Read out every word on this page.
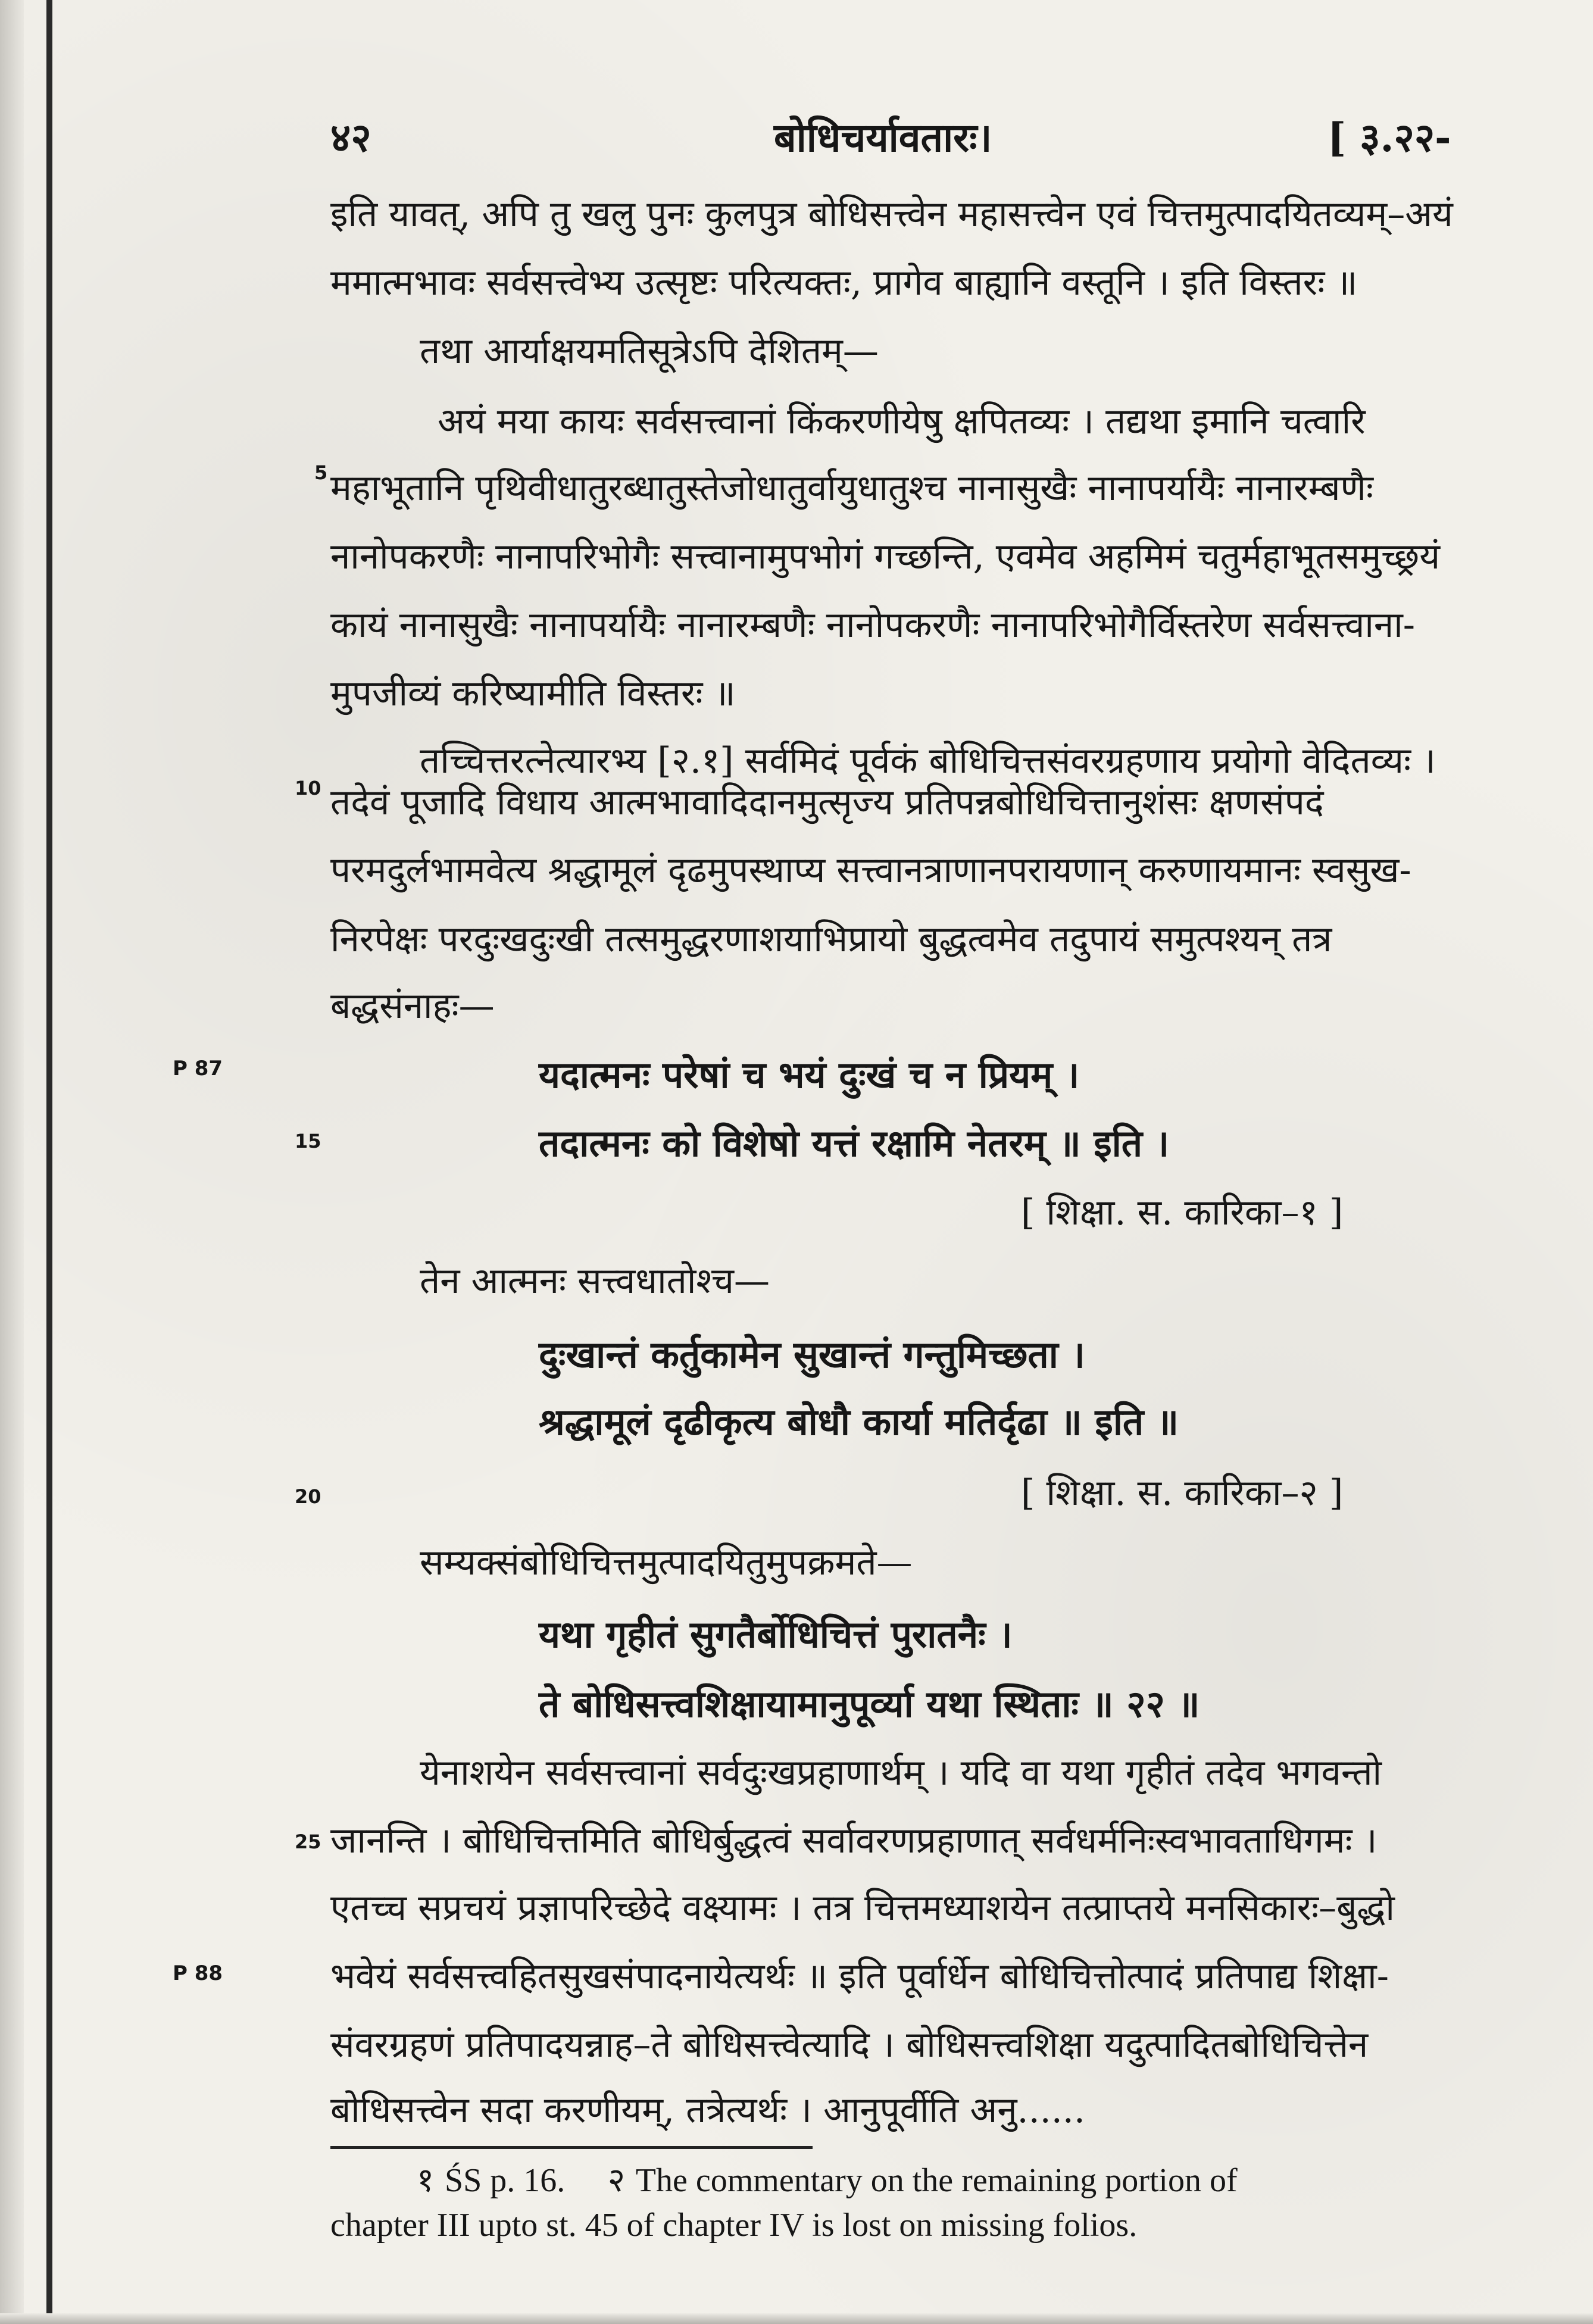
४२	बोधिचर्यावतारः।	[ ३.२२-
इति यावत्, अपि तु खलु पुनः कुलपुत्र बोधिसत्त्वेन महासत्त्वेन एवं चित्तमुत्पादयितव्यम्–अयं
ममात्मभावः सर्वसत्त्वेभ्य उत्सृष्टः परित्यक्तः, प्रागेव बाह्यानि वस्तूनि । इति विस्तरः ॥
तथा आर्याक्षयमतिसूत्रेऽपि देशितम्—
अयं मया कायः सर्वसत्त्वानां किंकरणीयेषु क्षपितव्यः । तद्यथा इमानि चत्वारि
5 महाभूतानि पृथिवीधातुरब्धातुस्तेजोधातुर्वायुधातुश्च नानासुखैः नानापर्यायैः नानारम्बणैः
नानोपकरणैः नानापरिभोगैः सत्त्वानामुपभोगं गच्छन्ति, एवमेव अहमिमं चतुर्महाभूतसमुच्छ्रयं
कायं नानासुखैः नानापर्यायैः नानारम्बणैः नानोपकरणैः नानापरिभोगैर्विस्तरेण सर्वसत्त्वाना-
मुपजीव्यं करिष्यामीति विस्तरः ॥
तच्चित्तरत्नेत्यारभ्य [२.१] सर्वमिदं पूर्वकं बोधिचित्तसंवरग्रहणाय प्रयोगो वेदितव्यः ।
10 तदेवं पूजादि विधाय आत्मभावादिदानमुत्सृज्य प्रतिपन्नबोधिचित्तानुशंसः क्षणसंपदं
परमदुर्लभामवेत्य श्रद्धामूलं दृढमुपस्थाप्य सत्त्वानत्राणानपरायणान् करुणायमानः स्वसुख-
निरपेक्षः परदुःखदुःखी तत्समुद्धरणाशयाभिप्रायो बुद्धत्वमेव तदुपायं समुत्पश्यन् तत्र
बद्धसंनाहः—
P 87	यदात्मनः परेषां च भयं दुःखं च न प्रियम् ।
15	तदात्मनः को विशेषो यत्तं रक्षामि नेतरम् ॥ इति ।
[ शिक्षा. स. कारिका–१ ]
तेन आत्मनः सत्त्वधातोश्च—
दुःखान्तं कर्तुकामेन सुखान्तं गन्तुमिच्छता ।
श्रद्धामूलं दृढीकृत्य बोधौ कार्या मतिर्दृढा ॥ इति ॥
20	[ शिक्षा. स. कारिका–२ ]
सम्यक्संबोधिचित्तमुत्पादयितुमुपक्रमते—
यथा गृहीतं सुगतैर्बोधिचित्तं पुरातनैः ।
ते बोधिसत्त्वशिक्षायामानुपूर्व्या यथा स्थिताः ॥ २२ ॥
येनाशयेन सर्वसत्त्वानां सर्वदुःखप्रहाणार्थम् । यदि वा यथा गृहीतं तदेव भगवन्तो
25 जानन्ति । बोधिचित्तमिति बोधिर्बुद्धत्वं सर्वावरणप्रहाणात् सर्वधर्मनिःस्वभावताधिगमः ।
एतच्च सप्रचयं प्रज्ञापरिच्छेदे वक्ष्यामः । तत्र चित्तमध्याशयेन तत्प्राप्तये मनसिकारः–बुद्धो
P 88	भवेयं सर्वसत्त्वहितसुखसंपादनायेत्यर्थः ॥ इति पूर्वार्धेन बोधिचित्तोत्पादं प्रतिपाद्य शिक्षा-
संवरग्रहणं प्रतिपादयन्नाह–ते बोधिसत्त्वेत्यादि । बोधिसत्त्वशिक्षा यदुत्पादितबोधिचित्तेन
बोधिसत्त्वेन सदा करणीयम्, तत्रेत्यर्थः । आनुपूर्वीति अनु......
१ ŚS p. 16. २ The commentary on the remaining portion of
chapter III upto st. 45 of chapter IV is lost on missing folios.
